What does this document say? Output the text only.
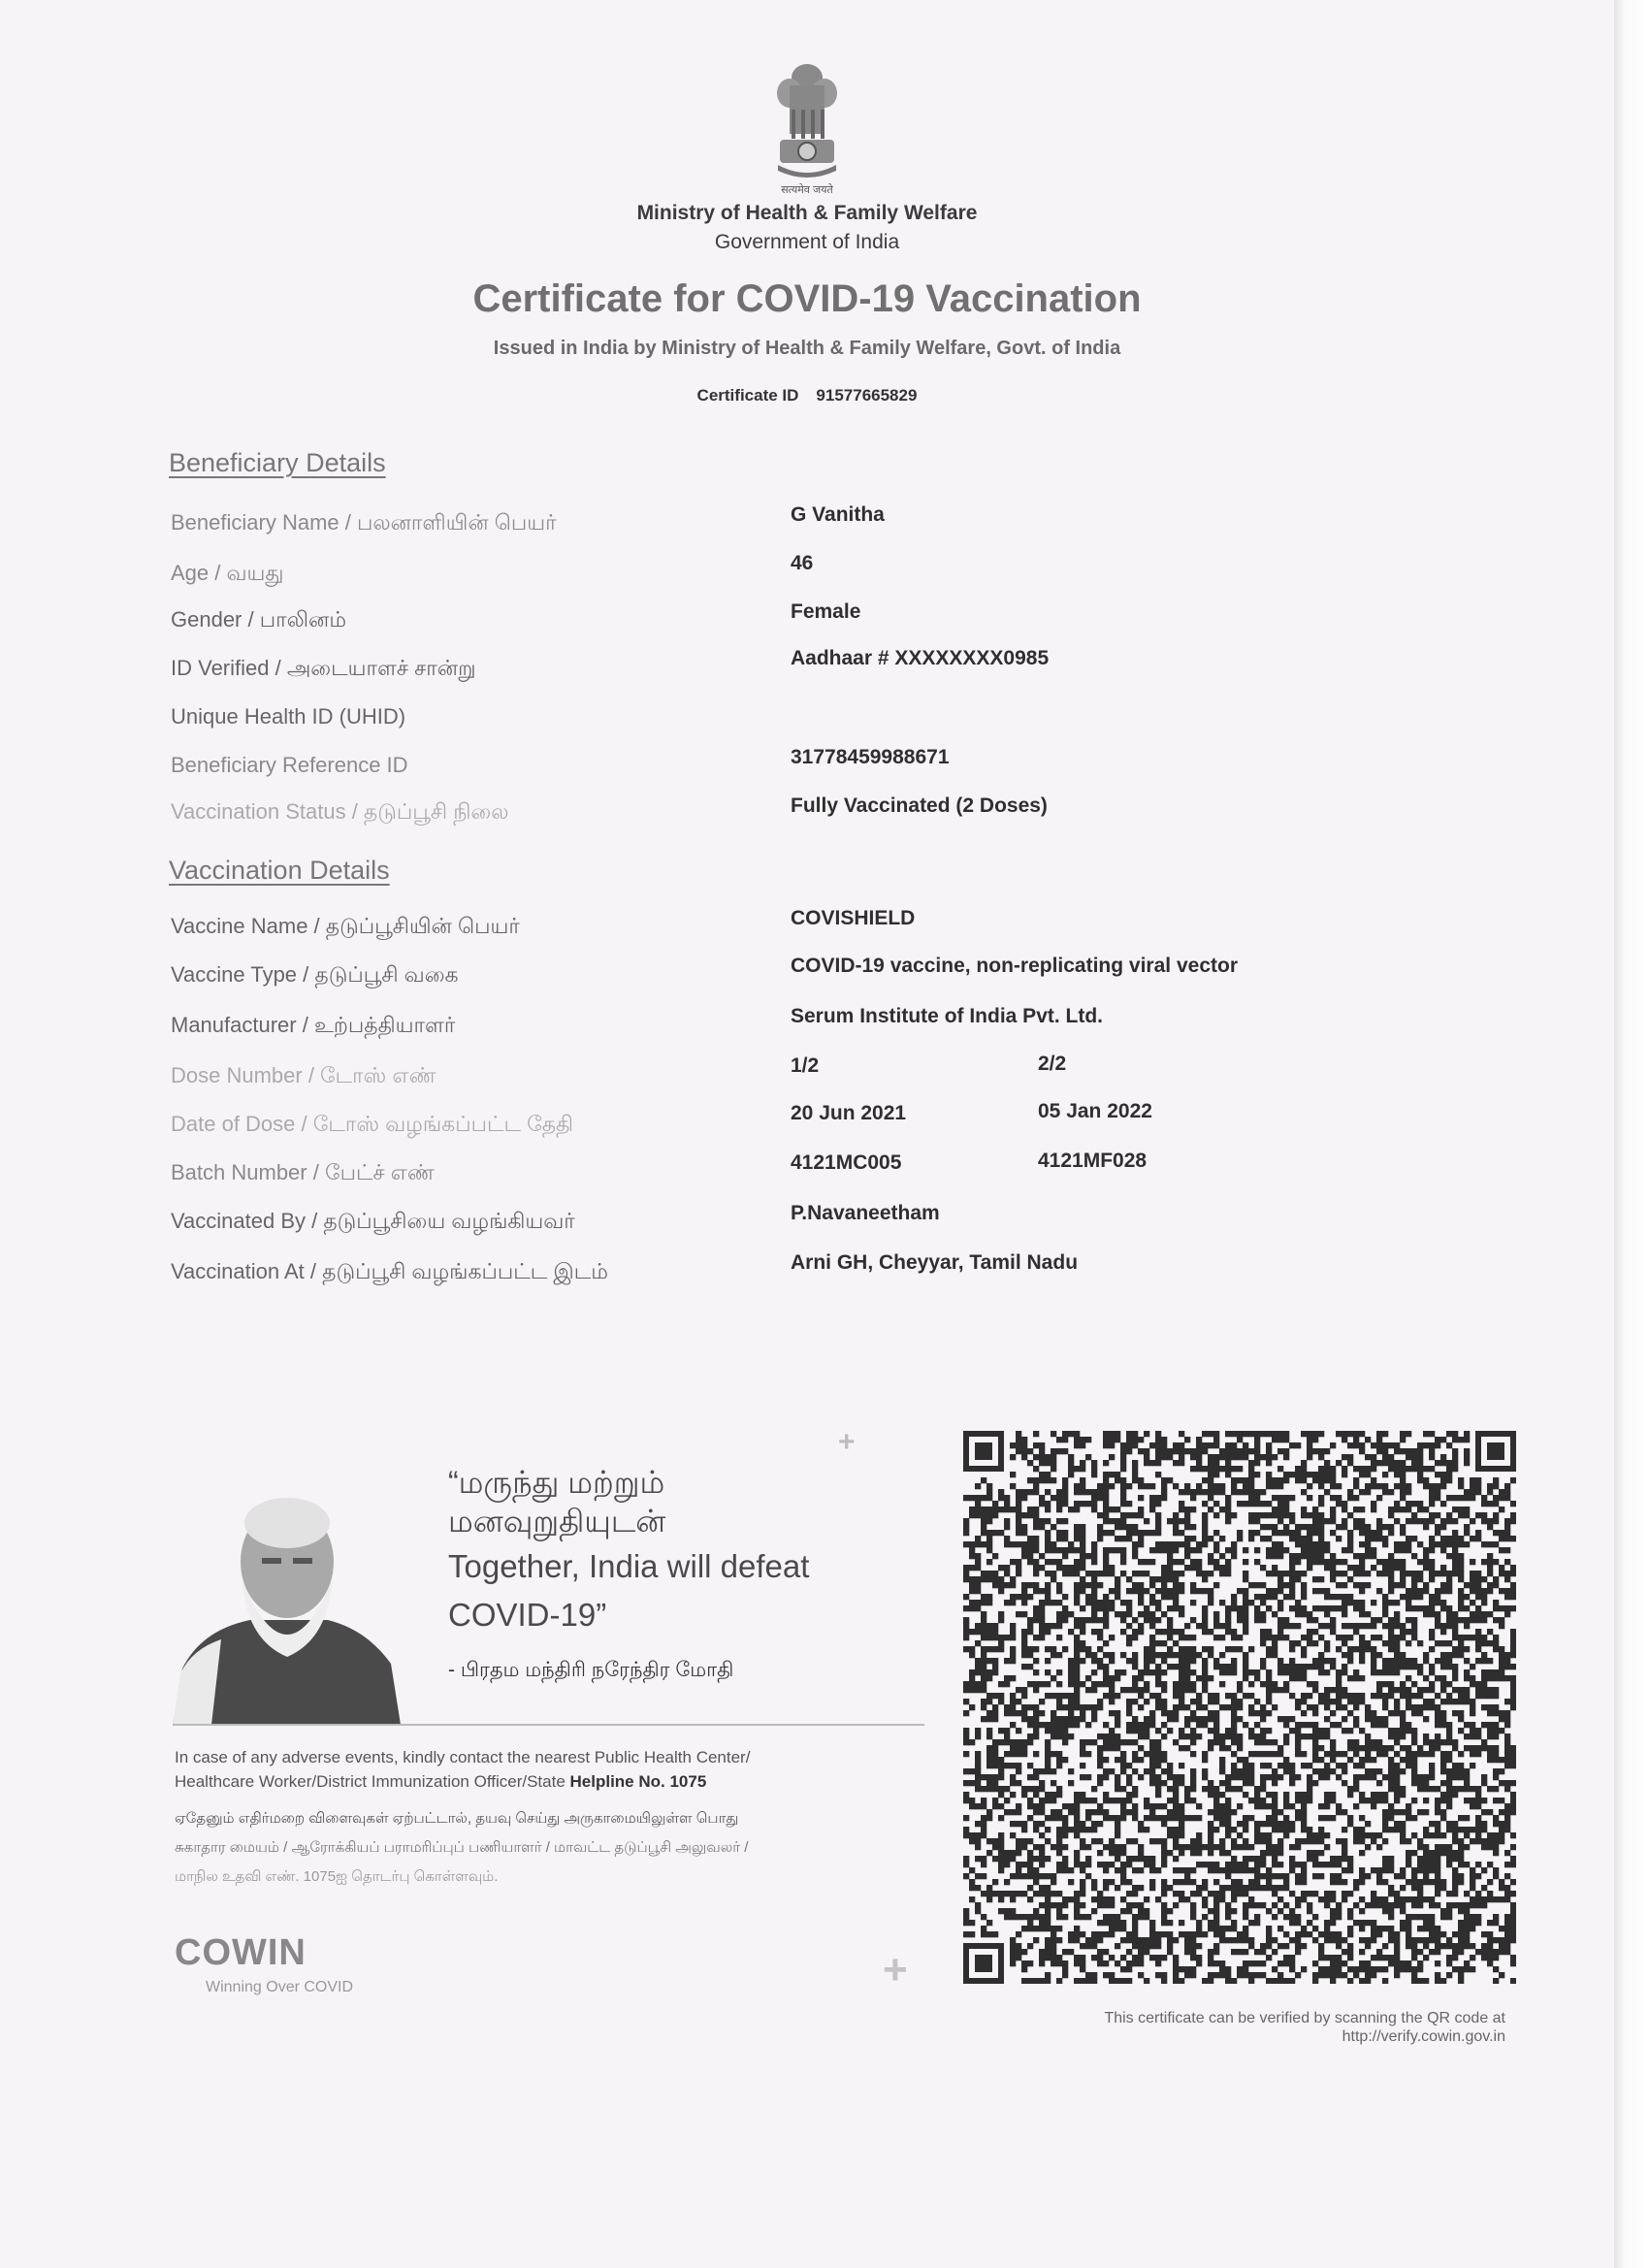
सत्यमेव जयते
Ministry of Health & Family Welfare
Government of India
Certificate for COVID-19 Vaccination
Issued in India by Ministry of Health & Family Welfare, Govt. of India
Certificate ID 91577665829
Beneficiary Details
Beneficiary Name / பலனாளியின் பெயர்	G Vanitha
Age / வயது	46
Gender / பாலினம்	Female
ID Verified / அடையாளச் சான்று	Aadhaar # XXXXXXXX0985
Unique Health ID (UHID)
Beneficiary Reference ID	31778459988671
Vaccination Status / தடுப்பூசி நிலை	Fully Vaccinated (2 Doses)
Vaccination Details
Vaccine Name / தடுப்பூசியின் பெயர்	COVISHIELD
Vaccine Type / தடுப்பூசி வகை	COVID-19 vaccine, non-replicating viral vector
Manufacturer / உற்பத்தியாளர்	Serum Institute of India Pvt. Ltd.
Dose Number / டோஸ் எண்	1/2	2/2
Date of Dose / டோஸ் வழங்கப்பட்ட தேதி	20 Jun 2021	05 Jan 2022
Batch Number / பேட்ச் எண்	4121MC005	4121MF028
Vaccinated By / தடுப்பூசியை வழங்கியவர்	P.Navaneetham
Vaccination At / தடுப்பூசி வழங்கப்பட்ட இடம்	Arni GH, Cheyyar, Tamil Nadu
+
“மருந்து மற்றும்
மனவுறுதியுடன்
Together, India will defeat
COVID-19”
- பிரதம மந்திரி நரேந்திர மோதி
In case of any adverse events, kindly contact the nearest Public Health Center/
Healthcare Worker/District Immunization Officer/State Helpline No. 1075
ஏதேனும் எதிர்மறை விளைவுகள் ஏற்பட்டால், தயவு செய்து அருகாமையிலுள்ள பொது
சுகாதார மையம் / ஆரோக்கியப் பராமரிப்புப் பணியாளர் / மாவட்ட தடுப்பூசி அலுவலர் /
மாநில உதவி எண். 1075ஐ தொடர்பு கொள்ளவும்.
COWIN
Winning Over COVID	+
This certificate can be verified by scanning the QR code at
http://verify.cowin.gov.in
